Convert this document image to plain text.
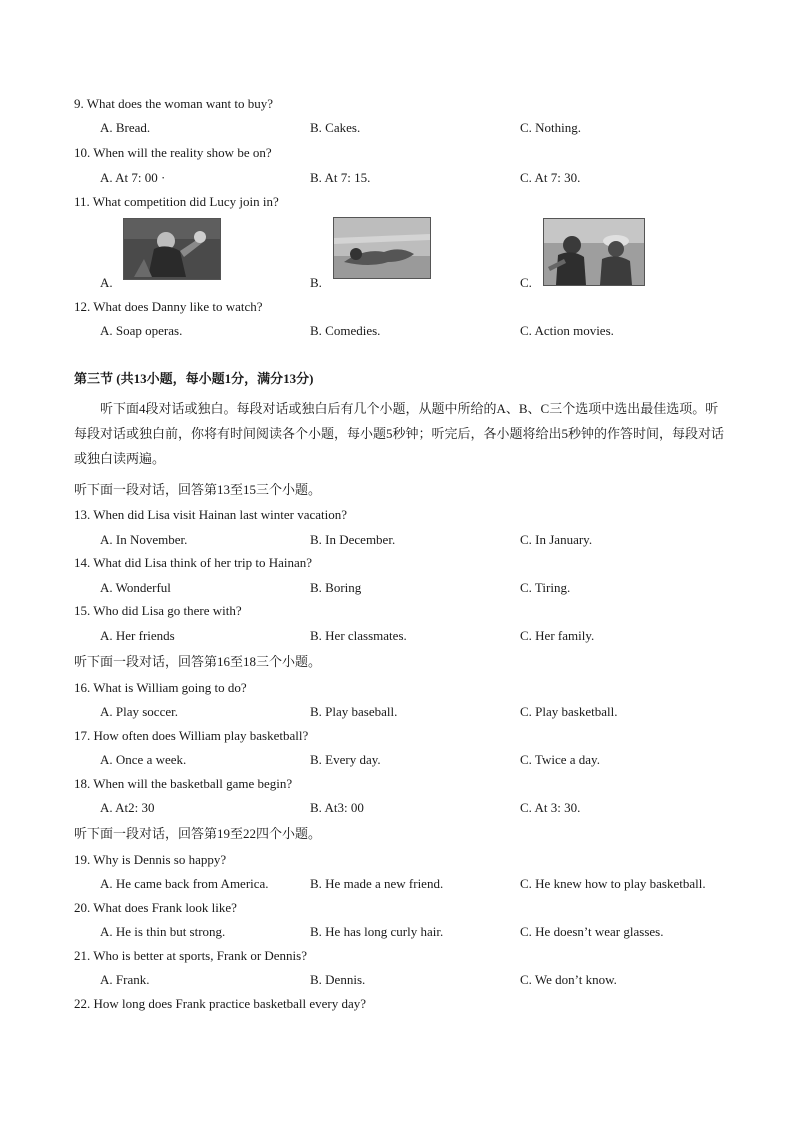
9. What does the woman want to buy?
A. Bread.	B. Cakes.	C. Nothing.
10. When will the reality show be on?
A. At 7: 00 ·	B. At 7: 15.	C. At 7: 30.
11. What competition did Lucy join in?
A.	B.	C.
12. What does Danny like to watch?
A. Soap operas.	B. Comedies.	C. Action movies.
第三节 (共13小题，每小题1分，满分13分)
听下面4段对话或独白。每段对话或独白后有几个小题，从题中所给的A、B、C三个选项中选出最佳选项。听每段对话或独白前，你将有时间阅读各个小题，每小题5秒钟；听完后，各小题将给出5秒钟的作答时间，每段对话或独白读两遍。
听下面一段对话，回答第13至15三个小题。
13. When did Lisa visit Hainan last winter vacation?
A. In November.	B. In December.	C. In January.
14. What did Lisa think of her trip to Hainan?
A. Wonderful	B. Boring	C. Tiring.
15. Who did Lisa go there with?
A. Her friends	B. Her classmates.	C. Her family.
听下面一段对话，回答第16至18三个小题。
16. What is William going to do?
A. Play soccer.	B. Play baseball.	C. Play basketball.
17. How often does William play basketball?
A. Once a week.	B. Every day.	C. Twice a day.
18. When will the basketball game begin?
A. At2: 30	B. At3: 00	C. At 3: 30.
听下面一段对话，回答第19至22四个小题。
19. Why is Dennis so happy?
A. He came back from America.	B. He made a new friend.	C. He knew how to play basketball.
20. What does Frank look like?
A. He is thin but strong.	B. He has long curly hair.	C. He doesn’t wear glasses.
21. Who is better at sports, Frank or Dennis?
A. Frank.	B. Dennis.	C. We don’t know.
22. How long does Frank practice basketball every day?
